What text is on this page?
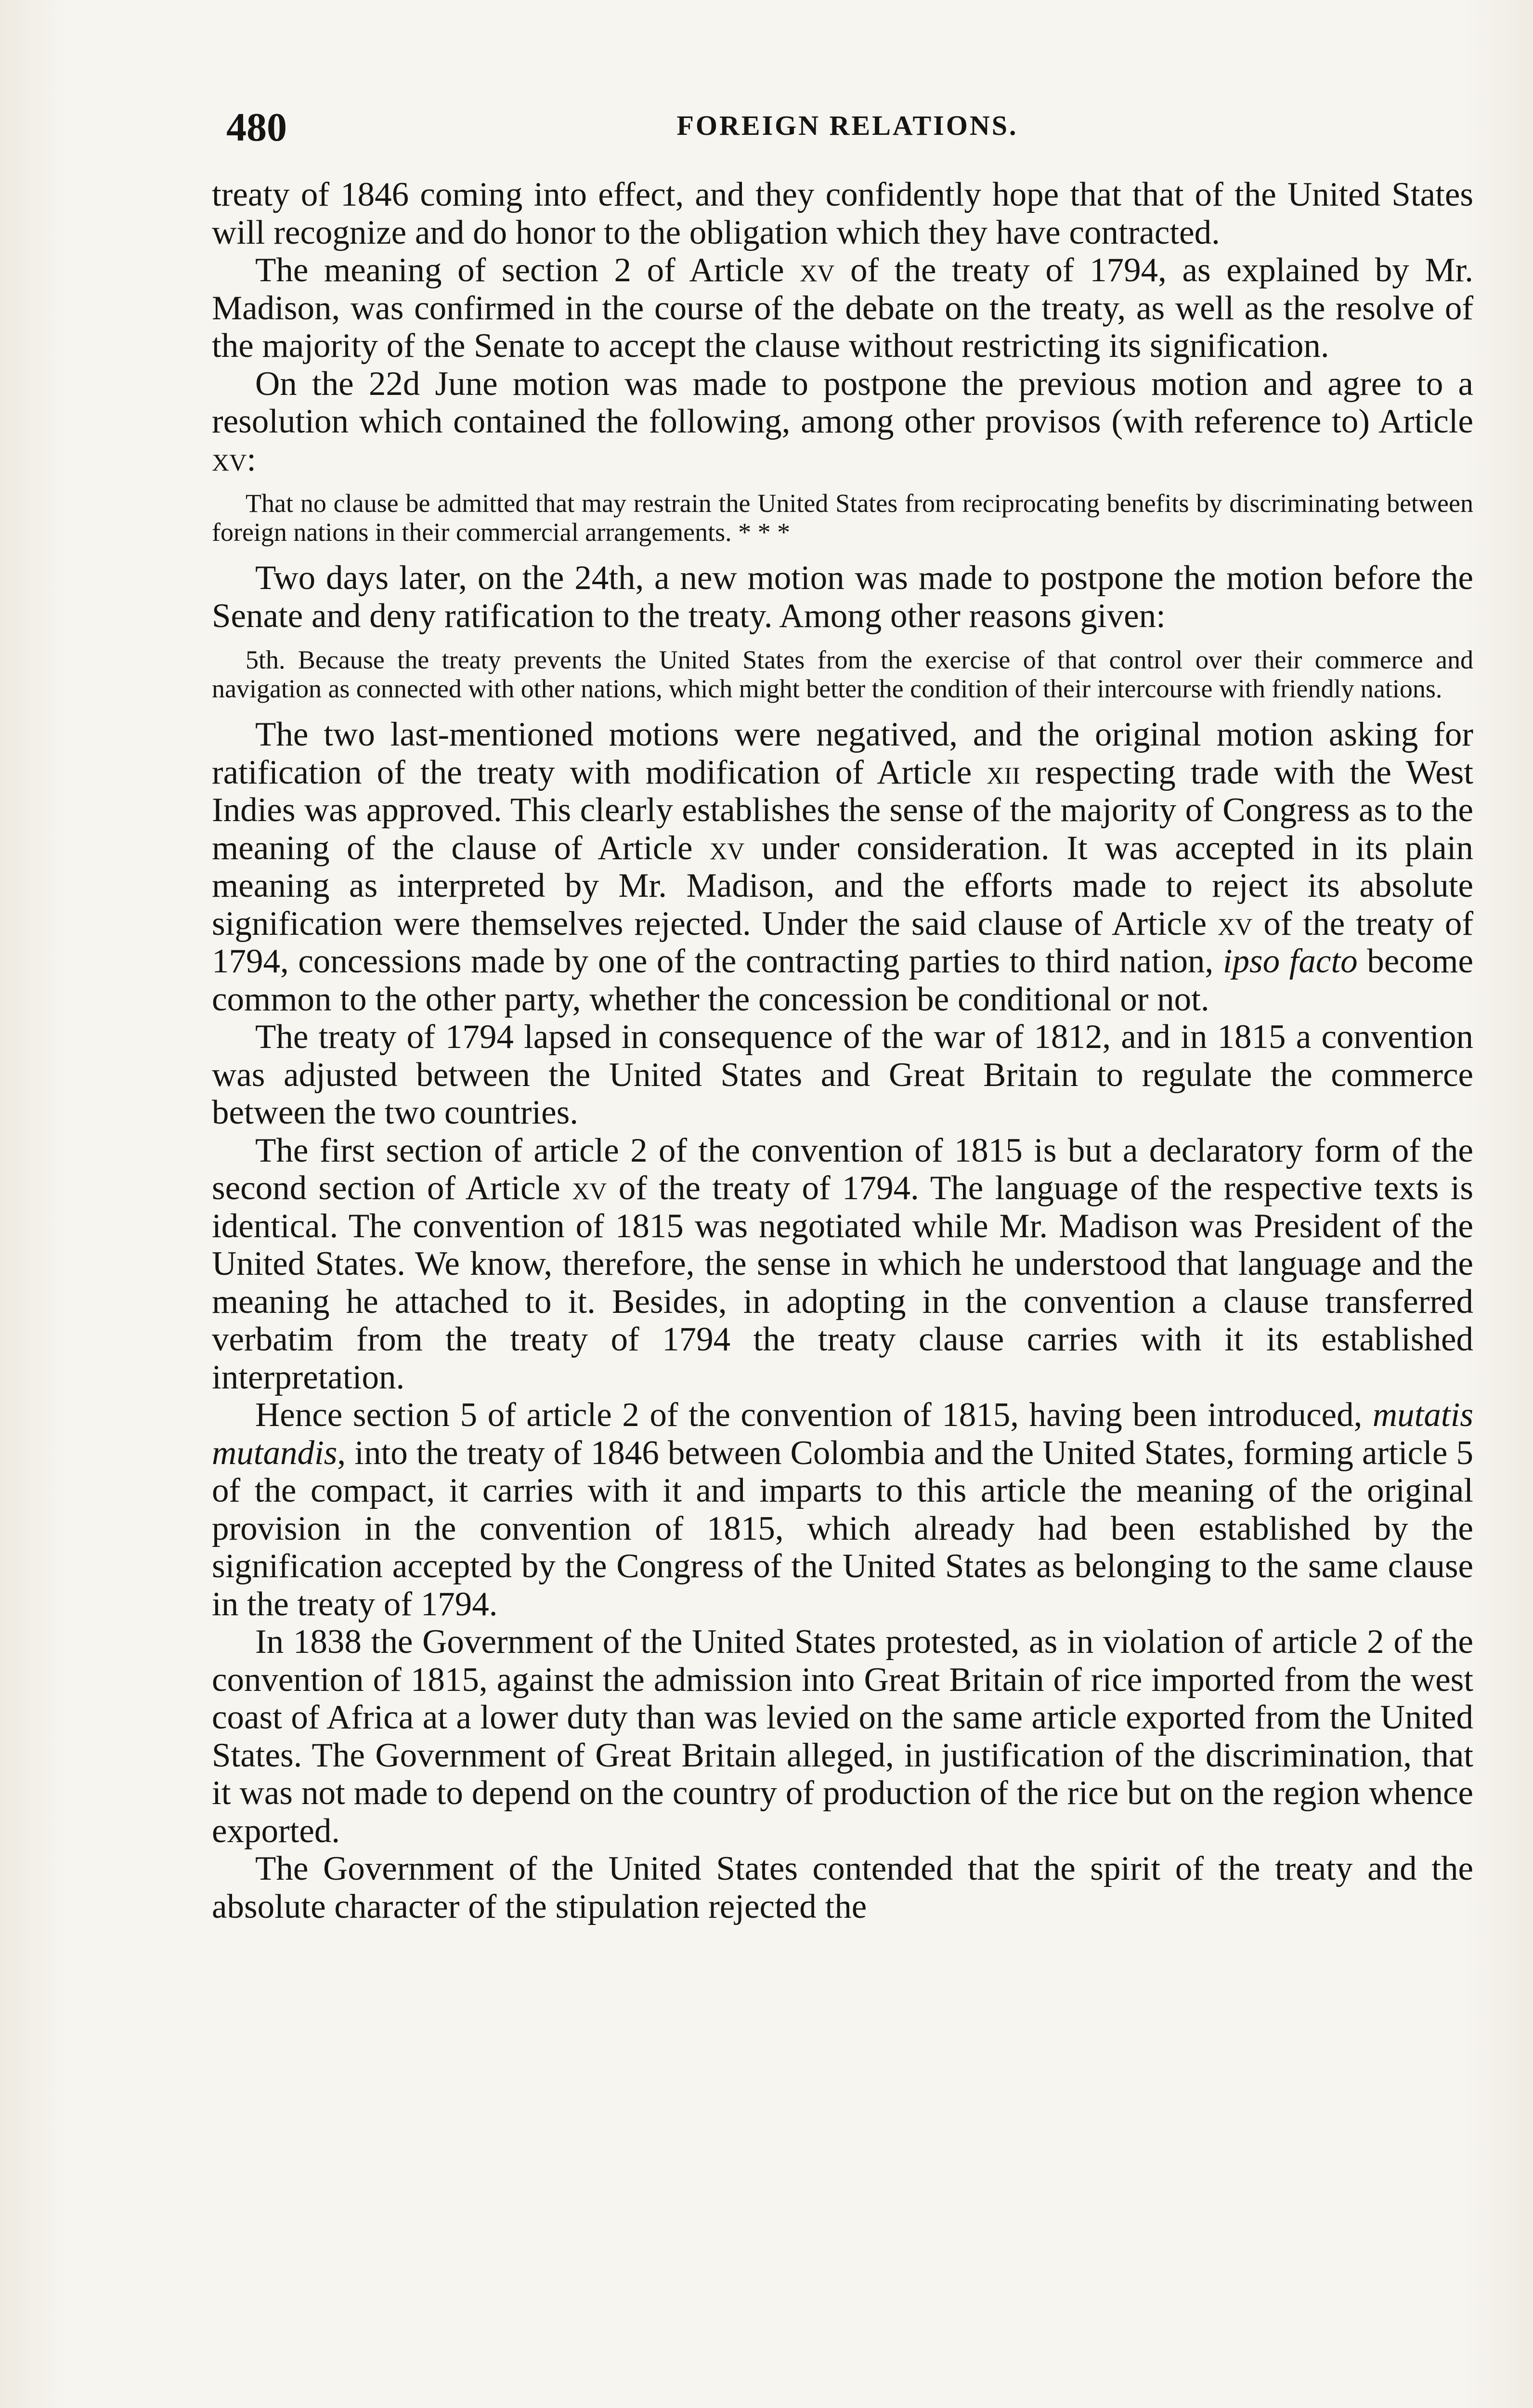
480	FOREIGN RELATIONS.

treaty of 1846 coming into effect, and they confidently hope that that of the United States will recognize and do honor to the obligation which they have contracted.

The meaning of section 2 of Article xv of the treaty of 1794, as explained by Mr. Madison, was confirmed in the course of the debate on the treaty, as well as the resolve of the majority of the Senate to accept the clause without restricting its signification.

On the 22d June motion was made to postpone the previous motion and agree to a resolution which contained the following, among other provisos (with reference to) Article xv:

That no clause be admitted that may restrain the United States from reciprocating benefits by discriminating between foreign nations in their commercial arrangements. * * *

Two days later, on the 24th, a new motion was made to postpone the motion before the Senate and deny ratification to the treaty. Among other reasons given:

5th. Because the treaty prevents the United States from the exercise of that control over their commerce and navigation as connected with other nations, which might better the condition of their intercourse with friendly nations.

The two last-mentioned motions were negatived, and the original motion asking for ratification of the treaty with modification of Article xii respecting trade with the West Indies was approved. This clearly establishes the sense of the majority of Congress as to the meaning of the clause of Article xv under consideration. It was accepted in its plain meaning as interpreted by Mr. Madison, and the efforts made to reject its absolute signification were themselves rejected. Under the said clause of Article xv of the treaty of 1794, concessions made by one of the contracting parties to third nation, ipso facto become common to the other party, whether the concession be conditional or not.

The treaty of 1794 lapsed in consequence of the war of 1812, and in 1815 a convention was adjusted between the United States and Great Britain to regulate the commerce between the two countries.

The first section of article 2 of the convention of 1815 is but a declaratory form of the second section of Article xv of the treaty of 1794. The language of the respective texts is identical. The convention of 1815 was negotiated while Mr. Madison was President of the United States. We know, therefore, the sense in which he understood that language and the meaning he attached to it. Besides, in adopting in the convention a clause transferred verbatim from the treaty of 1794 the treaty clause carries with it its established interpretation.

Hence section 5 of article 2 of the convention of 1815, having been introduced, mutatis mutandis, into the treaty of 1846 between Colombia and the United States, forming article 5 of the compact, it carries with it and imparts to this article the meaning of the original provision in the convention of 1815, which already had been established by the signification accepted by the Congress of the United States as belonging to the same clause in the treaty of 1794.

In 1838 the Government of the United States protested, as in violation of article 2 of the convention of 1815, against the admission into Great Britain of rice imported from the west coast of Africa at a lower duty than was levied on the same article exported from the United States. The Government of Great Britain alleged, in justification of the discrimination, that it was not made to depend on the country of production of the rice but on the region whence exported.

The Government of the United States contended that the spirit of the treaty and the absolute character of the stipulation rejected the
